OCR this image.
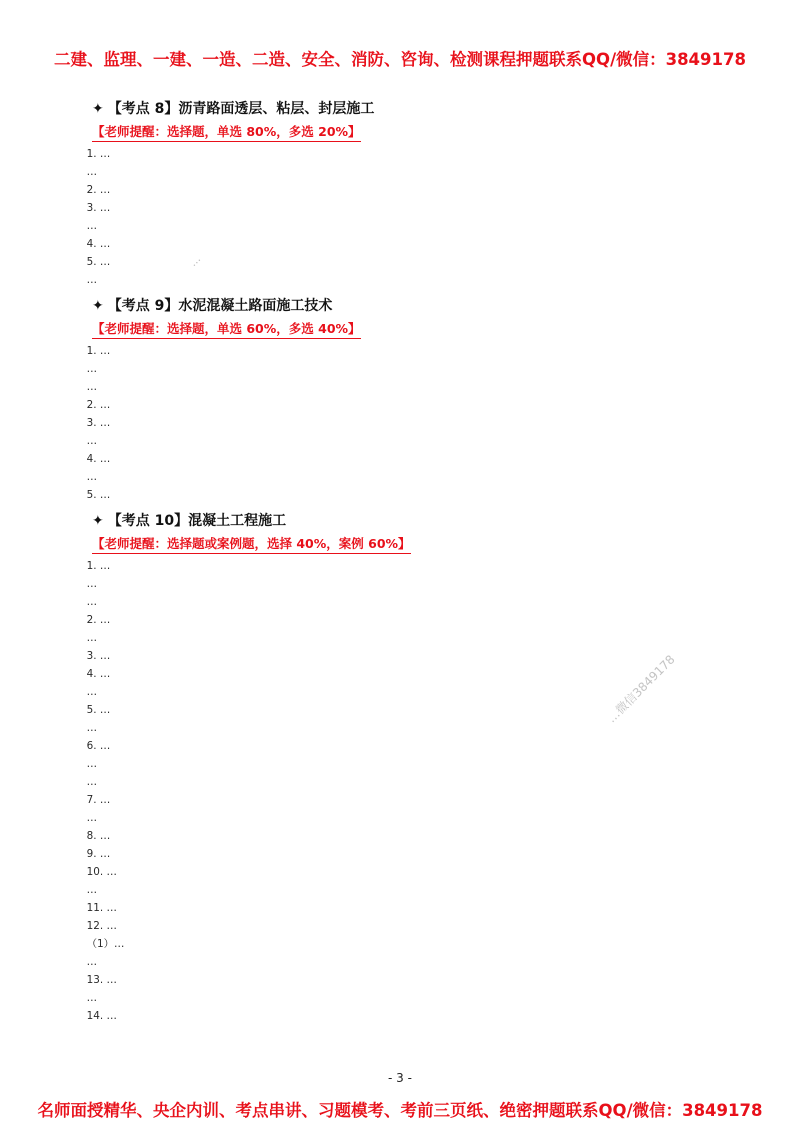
二建、监理、一建、一造、二造、安全、消防、咨询、检测课程押题联系QQ/微信：3849178
✦ 【考点 8】沥青路面透层、粘层、封层施工
【老师提醒：选择题，单选 80%，多选 20%】

1. …

…

2. …

3. …

…

4. …

5. …

…

✦ 【考点 9】水泥混凝土路面施工技术
【老师提醒：选择题，单选 60%，多选 40%】

1. …

…

…

2. …

3. …

…

4. …

…

5. …

✦ 【考点 10】混凝土工程施工
【老师提醒：选择题或案例题，选择 40%，案例 60%】

1. …

…

…

2. …

…

3. …

4. …

…

5. …

…

6. …

…

…

7. …

…

8. …

9. …

10. …

…

11. …

12. …

（1）…

…

13. …

…

14. …

…
…微信3849178
- 3 -
名师面授精华、央企内训、考点串讲、习题模考、考前三页纸、绝密押题联系QQ/微信：3849178
